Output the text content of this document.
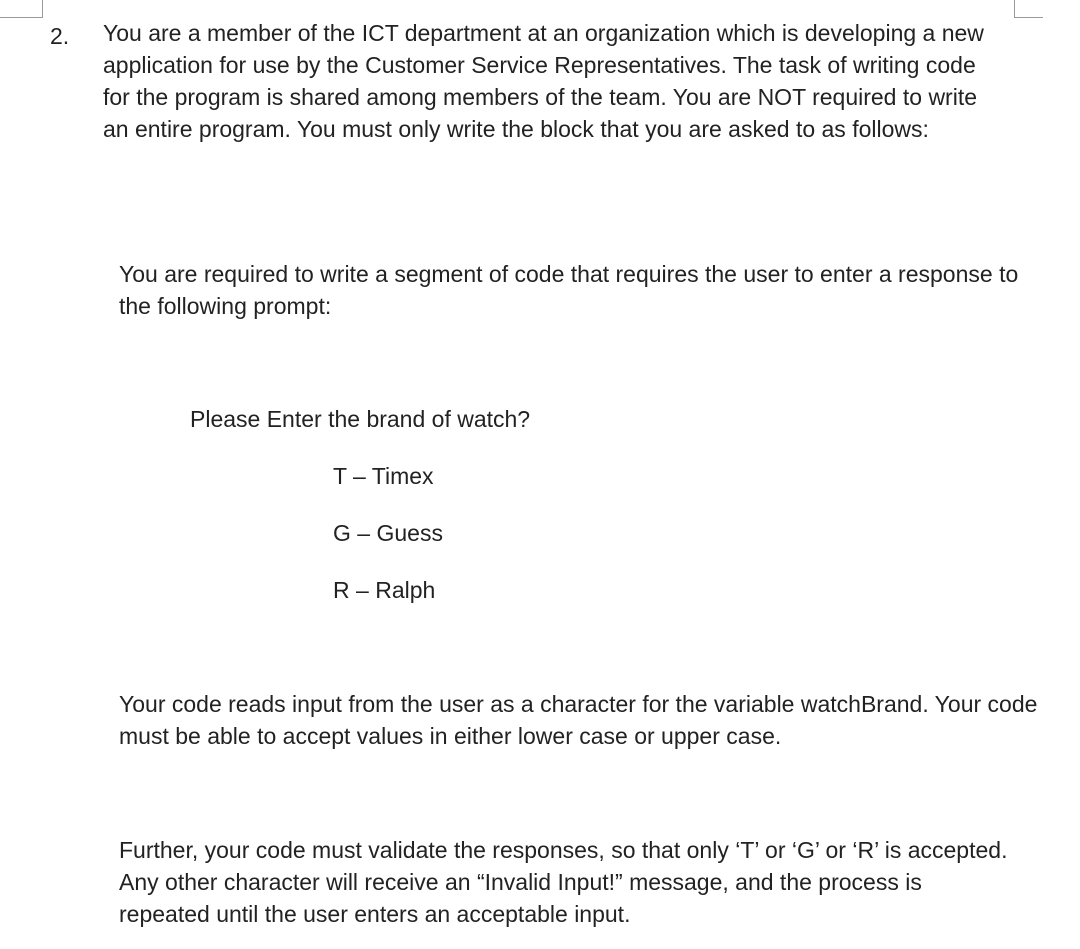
2. You are a member of the ICT department at an organization which is developing a new application for use by the Customer Service Representatives. The task of writing code for the program is shared among members of the team. You are NOT required to write an entire program. You must only write the block that you are asked to as follows:

You are required to write a segment of code that requires the user to enter a response to the following prompt:

Please Enter the brand of watch?

T – Timex
G – Guess
R – Ralph

Your code reads input from the user as a character for the variable watchBrand. Your code must be able to accept values in either lower case or upper case.

Further, your code must validate the responses, so that only ‘T’ or ‘G’ or ‘R’ is accepted. Any other character will receive an “Invalid Input!” message, and the process is repeated until the user enters an acceptable input.
